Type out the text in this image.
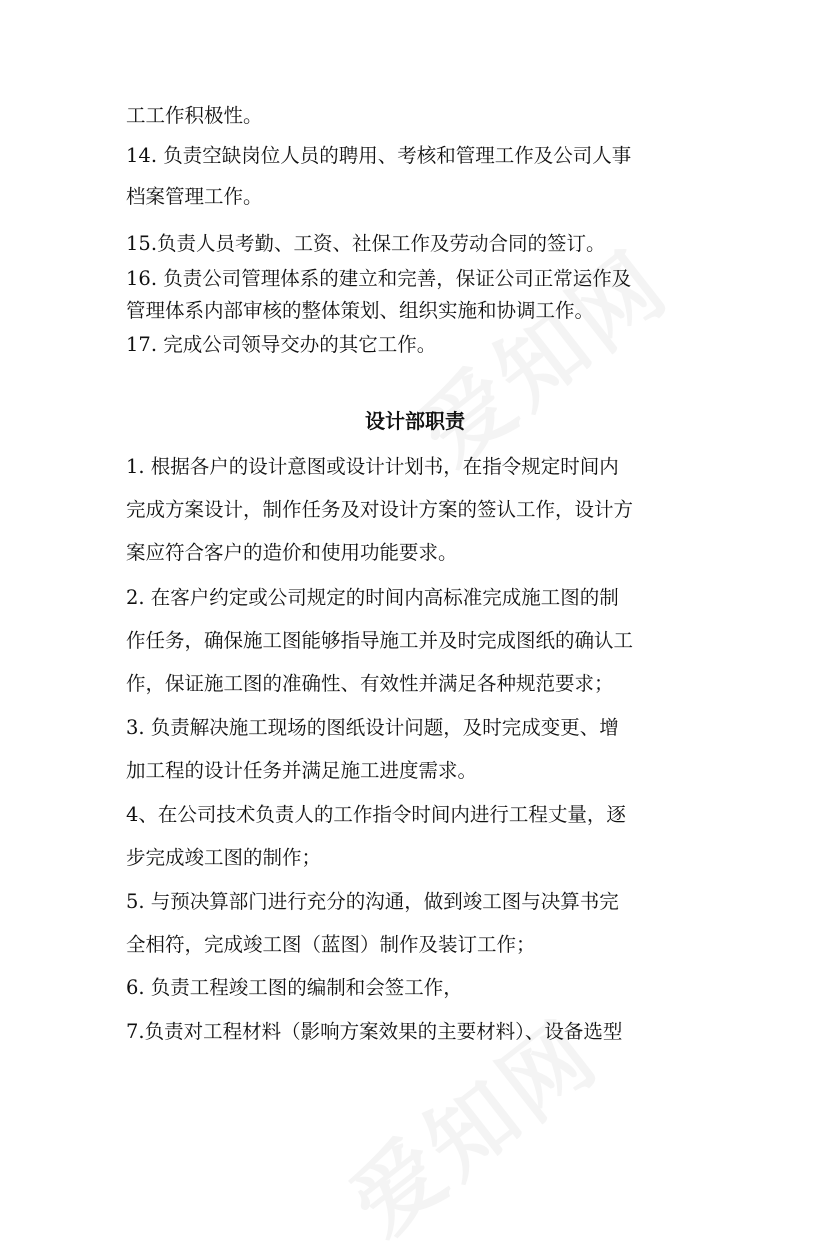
工工作积极性。
14. 负责空缺岗位人员的聘用、考核和管理工作及公司人事
档案管理工作。
15.负责人员考勤、工资、社保工作及劳动合同的签订。
16. 负责公司管理体系的建立和完善，保证公司正常运作及
管理体系内部审核的整体策划、组织实施和协调工作。
17. 完成公司领导交办的其它工作。
设计部职责
1. 根据各户的设计意图或设计计划书，在指令规定时间内
完成方案设计，制作任务及对设计方案的签认工作，设计方
案应符合客户的造价和使用功能要求。
2. 在客户约定或公司规定的时间内高标准完成施工图的制
作任务，确保施工图能够指导施工并及时完成图纸的确认工
作，保证施工图的准确性、有效性并满足各种规范要求；
3. 负责解决施工现场的图纸设计问题，及时完成变更、增
加工程的设计任务并满足施工进度需求。
4、在公司技术负责人的工作指令时间内进行工程丈量，逐
步完成竣工图的制作；
5. 与预决算部门进行充分的沟通，做到竣工图与决算书完
全相符，完成竣工图（蓝图）制作及装订工作；
6. 负责工程竣工图的编制和会签工作，
7.负责对工程材料（影响方案效果的主要材料）、设备选型
